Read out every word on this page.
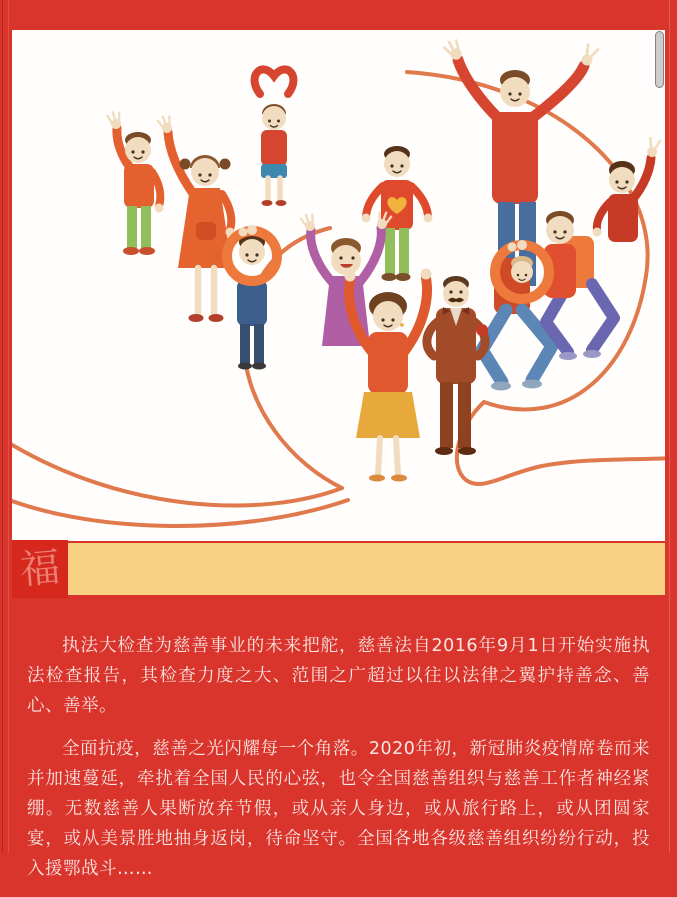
福

执法大检查为慈善事业的未来把舵，慈善法自2016年9月1日开始实施执法检查报告，其检查力度之大、范围之广超过以往以法律之翼护持善念、善心、善举。

全面抗疫，慈善之光闪耀每一个角落。2020年初，新冠肺炎疫情席卷而来并加速蔓延，牵扰着全国人民的心弦，也令全国慈善组织与慈善工作者神经紧绷。无数慈善人果断放弃节假，或从亲人身边，或从旅行路上，或从团圆家宴，或从美景胜地抽身返岗，待命坚守。全国各地各级慈善组织纷纷行动，投入援鄂战斗……
